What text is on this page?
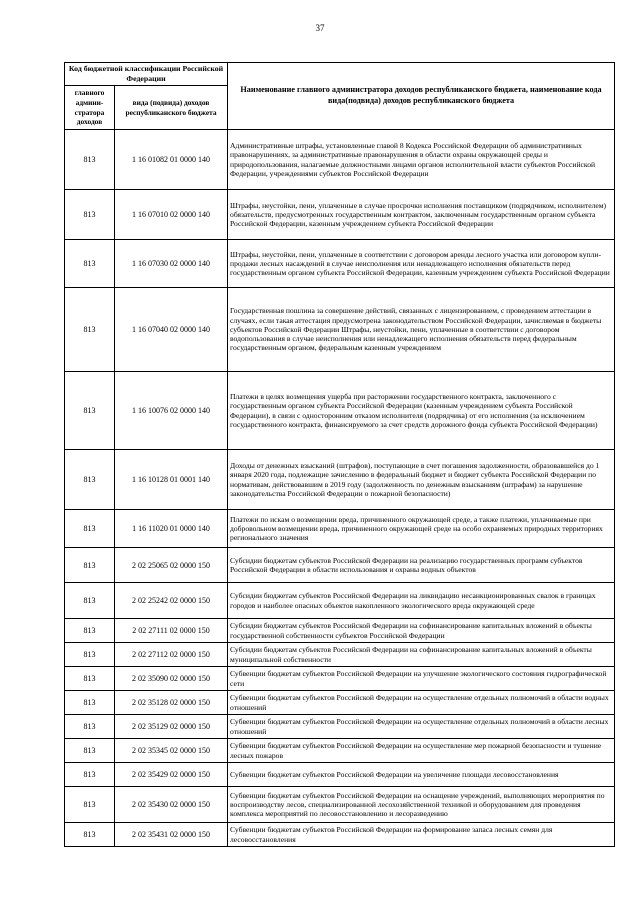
37
Код бюджетной классификации Российской Федерации		Наименование главного администратора доходов республиканского бюджета, наименование кода вида(подвида) доходов республиканского бюджета
главного админи-стратора доходов	вида (подвида) доходов республиканского бюджета	
813	1 16 01082 01 0000 140	Административные штрафы, установленные главой 8 Кодекса Российской Федерации об административных правонарушениях, за административные правонарушения в области охраны окружающей среды и природопользования, налагаемые должностными лицами органов исполнительной власти субъектов Российской Федерации, учреждениями субъектов Российской Федерации
813	1 16 07010 02 0000 140	Штрафы, неустойки, пени, уплаченные в случае просрочки исполнения поставщиком (подрядчиком, исполнителем) обязательств, предусмотренных государственным контрактом, заключенным государственным органом субъекта Российской Федерации, казенным учреждением субъекта Российской Федерации
813	1 16 07030 02 0000 140	Штрафы, неустойки, пени, уплаченные в соответствии с договором аренды лесного участка или договором купли-продажи лесных насаждений в случае неисполнения или ненадлежащего исполнения обязательств перед государственным органом субъекта Российской Федерации, казенным учреждением субъекта Российской Федерации
813	1 16 07040 02 0000 140	Государственная пошлина за совершение действий, связанных с лицензированием, с проведением аттестации в случаях, если такая аттестация предусмотрена законодательством Российской Федерации, зачисляемая в бюджеты субъектов Российской Федерации Штрафы, неустойки, пени, уплаченные в соответствии с договором водопользования в случае неисполнения или ненадлежащего исполнения обязательств перед федеральным государственным органом, федеральным казенным учреждением
813	1 16 10076 02 0000 140	Платежи в целях возмещения ущерба при расторжении государственного контракта, заключенного с государственным органом субъекта Российской Федерации (казенным учреждением субъекта Российской Федерации), в связи с односторонним отказом исполнителя (подрядчика) от его исполнения (за исключением государственного контракта, финансируемого за счет средств дорожного фонда субъекта Российской Федерации)
813	1 16 10128 01 0001 140	Доходы от денежных взысканий (штрафов), поступающие в счет погашения задолженности, образовавшейся до 1 января 2020 года, подлежащие зачислению в федеральный бюджет и бюджет субъекта Российской Федерации по нормативам, действовавшим в 2019 году (задолженность по денежным взысканиям (штрафам) за нарушение законодательства Российской Федерации о пожарной безопасности)
813	1 16 11020 01 0000 140	Платежи по искам о возмещении вреда, причиненного окружающей среде, а также платежи, уплачиваемые при добровольном возмещении вреда, причиненного окружающей среде на особо охраняемых природных территориях регионального значения
813	2 02 25065 02 0000 150	Субсидии бюджетам субъектов Российской Федерации на реализацию государственных программ субъектов Российской Федерации в области использования и охраны водных объектов
813	2 02 25242 02 0000 150	Субсидии бюджетам субъектов Российской Федерации на ликвидацию несанкционированных свалок в границах городов и наиболее опасных объектов накопленного экологического вреда окружающей среде
813	2 02 27111 02 0000 150	Субсидии бюджетам субъектов Российской Федерации на софинансирование капитальных вложений в объекты государственной собственности субъектов Российской Федерации
813	2 02 27112 02 0000 150	Субсидии бюджетам субъектов Российской Федерации на софинансирование капитальных вложений в объекты муниципальной собственности
813	2 02 35090 02 0000 150	Субвенции бюджетам субъектов Российской Федерации на улучшение экологического состояния гидрографической сети
813	2 02 35128 02 0000 150	Субвенции бюджетам субъектов Российской Федерации на осуществление отдельных полномочий в области водных отношений
813	2 02 35129 02 0000 150	Субвенции бюджетам субъектов Российской Федерации на осуществление отдельных полномочий в области лесных отношений
813	2 02 35345 02 0000 150	Субвенции бюджетам субъектов Российской Федерации на осуществление мер пожарной безопасности и тушение лесных пожаров
813	2 02 35429 02 0000 150	Субвенции бюджетам субъектов Российской Федерации на увеличение площади лесовосстановления
813	2 02 35430 02 0000 150	Субвенции бюджетам субъектов Российской Федерации на оснащение учреждений, выполняющих мероприятия по воспроизводству лесов, специализированной лесохозяйственной техникой и оборудованием для проведения комплекса мероприятий по лесовосстановлению и лесоразведению
813	2 02 35431 02 0000 150	Субвенции бюджетам субъектов Российской Федерации на формирование запаса лесных семян для лесовосстановления
